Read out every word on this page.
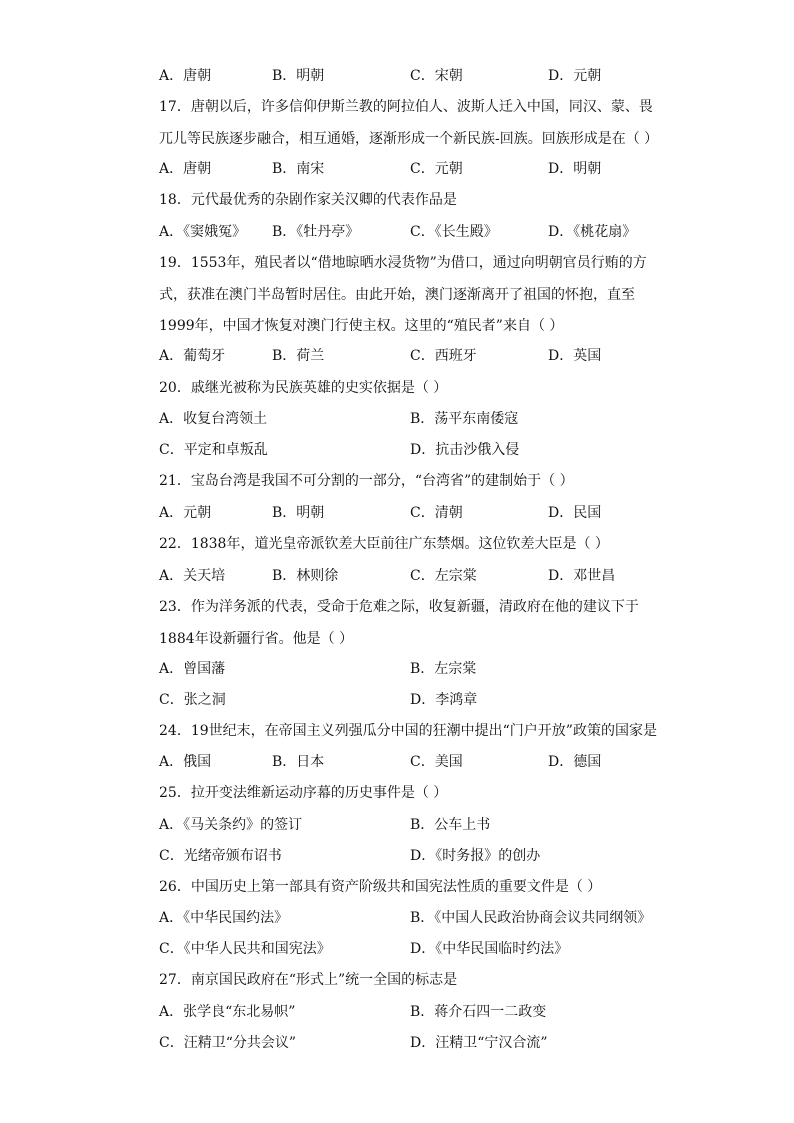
A．唐朝	B．明朝	C．宋朝	D．元朝
17．唐朝以后，许多信仰伊斯兰教的阿拉伯人、波斯人迁入中国，同汉、蒙、畏兀儿等民族逐步融合，相互通婚，逐渐形成一个新民族-回族。回族形成是在（ ）
A．唐朝	B．南宋	C．元朝	D．明朝
18．元代最优秀的杂剧作家关汉卿的代表作品是
A．《窦娥冤》 B．《牡丹亭》	C．《长生殿》	D．《桃花扇》
19．1553年，殖民者以“借地晾晒水浸货物”为借口，通过向明朝官员行贿的方式，获准在澳门半岛暂时居住。由此开始，澳门逐渐离开了祖国的怀抱，直至1999年，中国才恢复对澳门行使主权。这里的“殖民者”来自（ ）
A．葡萄牙	B．荷兰	C．西班牙	D．英国
20．戚继光被称为民族英雄的史实依据是（ ）
A．收复台湾领土	B．荡平东南倭寇
C．平定和卓叛乱	D．抗击沙俄入侵
21．宝岛台湾是我国不可分割的一部分，“台湾省”的建制始于（ ）
A．元朝	B．明朝	C．清朝	D．民国
22．1838年，道光皇帝派钦差大臣前往广东禁烟。这位钦差大臣是（ ）
A．关天培	B．林则徐	C．左宗棠	D．邓世昌
23．作为洋务派的代表，受命于危难之际，收复新疆，清政府在他的建议下于1884年设新疆行省。他是（ ）
A．曾国藩	B．左宗棠
C．张之洞	D．李鸿章
24．19世纪末，在帝国主义列强瓜分中国的狂潮中提出“门户开放”政策的国家是
A．俄国	B．日本	C．美国	D．德国
25．拉开变法维新运动序幕的历史事件是（ ）
A．《马关条约》的签订	B．公车上书
C．光绪帝颁布诏书	D．《时务报》的创办
26．中国历史上第一部具有资产阶级共和国宪法性质的重要文件是（ ）
A．《中华民国约法》	B．《中国人民政治协商会议共同纲领》
C．《中华人民共和国宪法》	D．《中华民国临时约法》
27．南京国民政府在“形式上”统一全国的标志是
A．张学良“东北易帜”	B．蒋介石四一二政变
C．汪精卫“分共会议”	D．汪精卫“宁汉合流”
